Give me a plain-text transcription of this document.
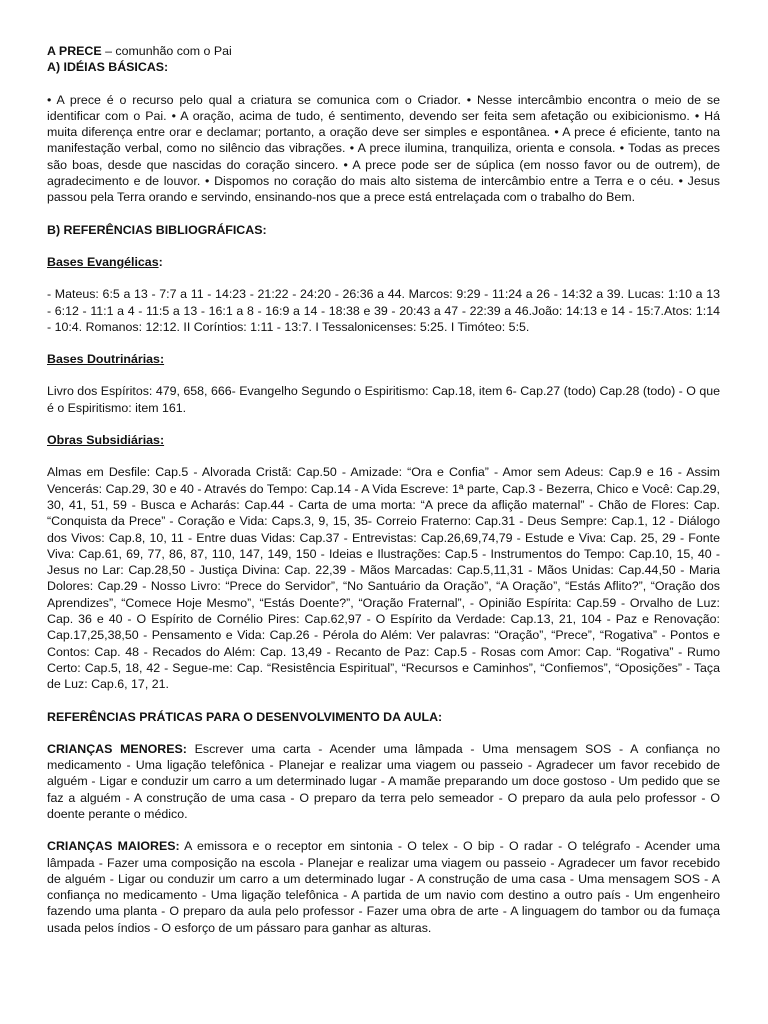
A PRECE – comunhão com o Pai

A) IDÉIAS BÁSICAS:

• A prece é o recurso pelo qual a criatura se comunica com o Criador. • Nesse intercâmbio encontra o meio de se identificar com o Pai. • A oração, acima de tudo, é sentimento, devendo ser feita sem afetação ou exibicionismo. • Há muita diferença entre orar e declamar; portanto, a oração deve ser simples e espontânea. • A prece é eficiente, tanto na manifestação verbal, como no silêncio das vibrações. • A prece ilumina, tranquiliza, orienta e consola. • Todas as preces são boas, desde que nascidas do coração sincero. • A prece pode ser de súplica (em nosso favor ou de outrem), de agradecimento e de louvor. • Dispomos no coração do mais alto sistema de intercâmbio entre a Terra e o céu. • Jesus passou pela Terra orando e servindo, ensinando-nos que a prece está entrelaçada com o trabalho do Bem.

B) REFERÊNCIAS BIBLIOGRÁFICAS:

Bases Evangélicas:

- Mateus: 6:5 a 13 - 7:7 a 11 - 14:23 - 21:22 - 24:20 - 26:36 a 44. Marcos: 9:29 - 11:24 a 26 - 14:32 a 39. Lucas: 1:10 a 13 - 6:12 - 11:1 a 4 - 11:5 a 13 - 16:1 a 8 - 16:9 a 14 - 18:38 e 39 - 20:43 a 47 - 22:39 a 46.João: 14:13 e 14 - 15:7.Atos: 1:14 - 10:4. Romanos: 12:12. II Coríntios: 1:11 - 13:7. I Tessalonicenses: 5:25. I Timóteo: 5:5.

Bases Doutrinárias:

Livro dos Espíritos: 479, 658, 666- Evangelho Segundo o Espiritismo: Cap.18, item 6- Cap.27 (todo) Cap.28 (todo) - O que é o Espiritismo: item 161.

Obras Subsidiárias:

Almas em Desfile: Cap.5 - Alvorada Cristã: Cap.50 - Amizade: “Ora e Confia” - Amor sem Adeus: Cap.9 e 16 - Assim Vencerás: Cap.29, 30 e 40 - Através do Tempo: Cap.14 - A Vida Escreve: 1ª parte, Cap.3 - Bezerra, Chico e Você: Cap.29, 30, 41, 51, 59 - Busca e Acharás: Cap.44 - Carta de uma morta: “A prece da aflição maternal” - Chão de Flores: Cap. “Conquista da Prece” - Coração e Vida: Caps.3, 9, 15, 35- Correio Fraterno: Cap.31 - Deus Sempre: Cap.1, 12 - Diálogo dos Vivos: Cap.8, 10, 11 - Entre duas Vidas: Cap.37 - Entrevistas: Cap.26,69,74,79 - Estude e Viva: Cap. 25, 29 - Fonte Viva: Cap.61, 69, 77, 86, 87, 110, 147, 149, 150 - Ideias e Ilustrações: Cap.5 - Instrumentos do Tempo: Cap.10, 15, 40 - Jesus no Lar: Cap.28,50 - Justiça Divina: Cap. 22,39 - Mãos Marcadas: Cap.5,11,31 - Mãos Unidas: Cap.44,50 - Maria Dolores: Cap.29 - Nosso Livro: “Prece do Servidor”, “No Santuário da Oração”, “A Oração”, “Estás Aflito?”, “Oração dos Aprendizes”, “Comece Hoje Mesmo”, “Estás Doente?”, “Oração Fraternal”, - Opinião Espírita: Cap.59 - Orvalho de Luz: Cap. 36 e 40 - O Espírito de Cornélio Pires: Cap.62,97 - O Espírito da Verdade: Cap.13, 21, 104 - Paz e Renovação: Cap.17,25,38,50 - Pensamento e Vida: Cap.26 - Pérola do Além: Ver palavras: “Oração”, “Prece”, “Rogativa” - Pontos e Contos: Cap. 48 - Recados do Além: Cap. 13,49 - Recanto de Paz: Cap.5 - Rosas com Amor: Cap. “Rogativa” - Rumo Certo: Cap.5, 18, 42 - Segue-me: Cap. “Resistência Espiritual”, “Recursos e Caminhos”, “Confiemos”, “Oposições” - Taça de Luz: Cap.6, 17, 21.

REFERÊNCIAS PRÁTICAS PARA O DESENVOLVIMENTO DA AULA:

CRIANÇAS MENORES: Escrever uma carta - Acender uma lâmpada - Uma mensagem SOS - A confiança no medicamento - Uma ligação telefônica - Planejar e realizar uma viagem ou passeio - Agradecer um favor recebido de alguém - Ligar e conduzir um carro a um determinado lugar - A mamãe preparando um doce gostoso - Um pedido que se faz a alguém - A construção de uma casa - O preparo da terra pelo semeador - O preparo da aula pelo professor - O doente perante o médico.

CRIANÇAS MAIORES: A emissora e o receptor em sintonia - O telex - O bip - O radar - O telégrafo - Acender uma lâmpada - Fazer uma composição na escola - Planejar e realizar uma viagem ou passeio - Agradecer um favor recebido de alguém - Ligar ou conduzir um carro a um determinado lugar - A construção de uma casa - Uma mensagem SOS - A confiança no medicamento - Uma ligação telefônica - A partida de um navio com destino a outro país - Um engenheiro fazendo uma planta - O preparo da aula pelo professor - Fazer uma obra de arte - A linguagem do tambor ou da fumaça usada pelos índios - O esforço de um pássaro para ganhar as alturas.
